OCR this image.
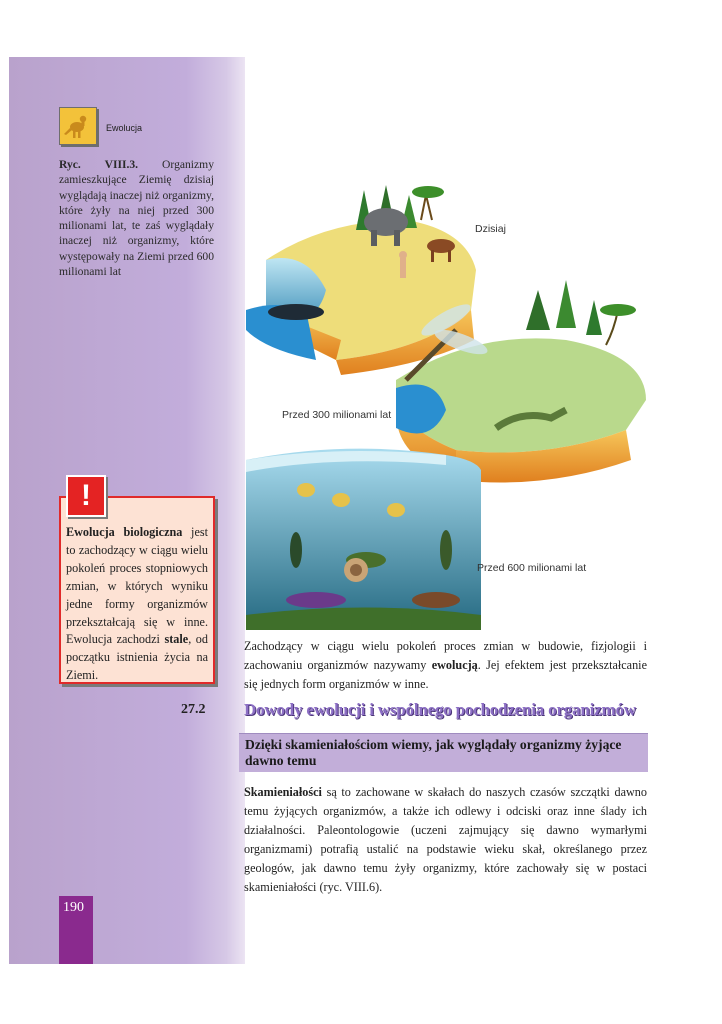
Ewolucja
Ryc. VIII.3. Organizmy zamieszkujące Ziemię dzisiaj wyglądają inaczej niż organizmy, które żyły na niej przed 300 milionami lat, te zaś wyglądały inaczej niż organizmy, które występowały na Ziemi przed 600 milionami lat
!
Ewolucja biologiczna jest to zachodzący w ciągu wielu pokoleń proces stopniowych zmian, w których wyniku jedne formy organizmów przekształcają się w inne. Ewolucja zachodzi stale, od początku istnienia życia na Ziemi.
190
Dzisiaj
Przed 300 milionami lat
Przed 600 milionami lat
Zachodzący w ciągu wielu pokoleń proces zmian w budowie, fizjologii i zachowaniu organizmów nazywamy ewolucją. Jej efektem jest przekształcanie się jednych form organizmów w inne.
27.2 Dowody ewolucji i wspólnego pochodzenia organizmów
Dzięki skamieniałościom wiemy, jak wyglądały organizmy żyjące dawno temu
Skamieniałości są to zachowane w skałach do naszych czasów szczątki dawno temu żyjących organizmów, a także ich odlewy i odciski oraz inne ślady ich działalności. Paleontologowie (uczeni zajmujący się dawno wymarłymi organizmami) potrafią ustalić na podstawie wieku skał, określanego przez geologów, jak dawno temu żyły organizmy, które zachowały się w postaci skamieniałości (ryc. VIII.6).
